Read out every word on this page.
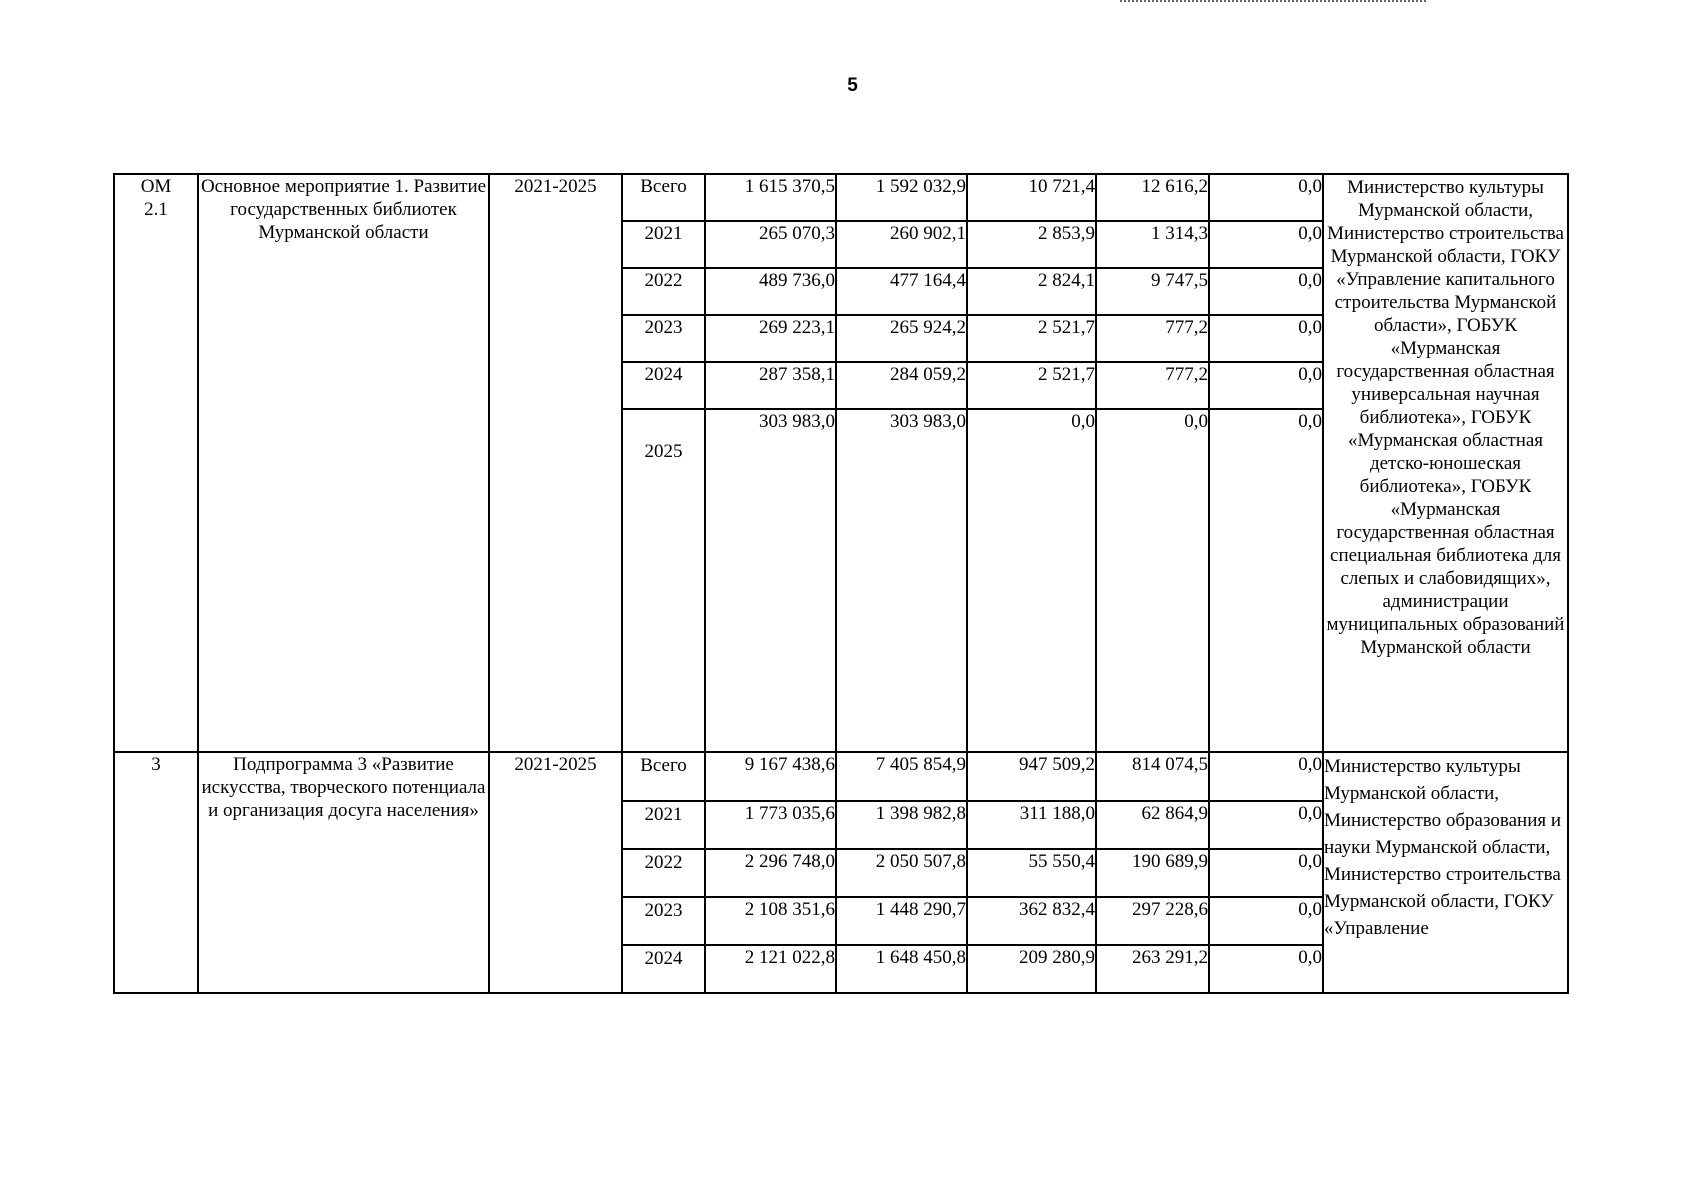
5
ОМ
2.1	Основное мероприятие 1. Развитие государственных библиотек Мурманской области	2021-2025	Всего	1 615 370,5	1 592 032,9	10 721,4	12 616,2	0,0	Министерство культуры Мурманской области, Министерство строительства Мурманской области, ГОКУ «Управление капитального строительства Мурманской области», ГОБУК «Мурманская государственная областная универсальная научная библиотека», ГОБУК «Мурманская областная детско-юношеская библиотека», ГОБУК «Мурманская государственная областная специальная библиотека для слепых и слабовидящих», администрации муниципальных образований Мурманской области

			2021	265 070,3	260 902,1	2 853,9	1 314,3	0,0	
			2022	489 736,0	477 164,4	2 824,1	9 747,5	0,0	
			2023	269 223,1	265 924,2	2 521,7	777,2	0,0	
			2024	287 358,1	284 059,2	2 521,7	777,2	0,0	
			2025	303 983,0	303 983,0	0,0	0,0	0,0	
3	Подпрограмма 3 «Развитие искусства, творческого потенциала и организация досуга населения»	2021-2025	Всего	9 167 438,6	7 405 854,9	947 509,2	814 074,5	0,0	Министерство культуры Мурманской области, Министерство образования и науки Мурманской области, Министерство строительства Мурманской области, ГОКУ «Управление
			2021	1 773 035,6	1 398 982,8	311 188,0	62 864,9	0,0	
			2022	2 296 748,0	2 050 507,8	55 550,4	190 689,9	0,0	
			2023	2 108 351,6	1 448 290,7	362 832,4	297 228,6	0,0	
			2024	2 121 022,8	1 648 450,8	209 280,9	263 291,2	0,0	
